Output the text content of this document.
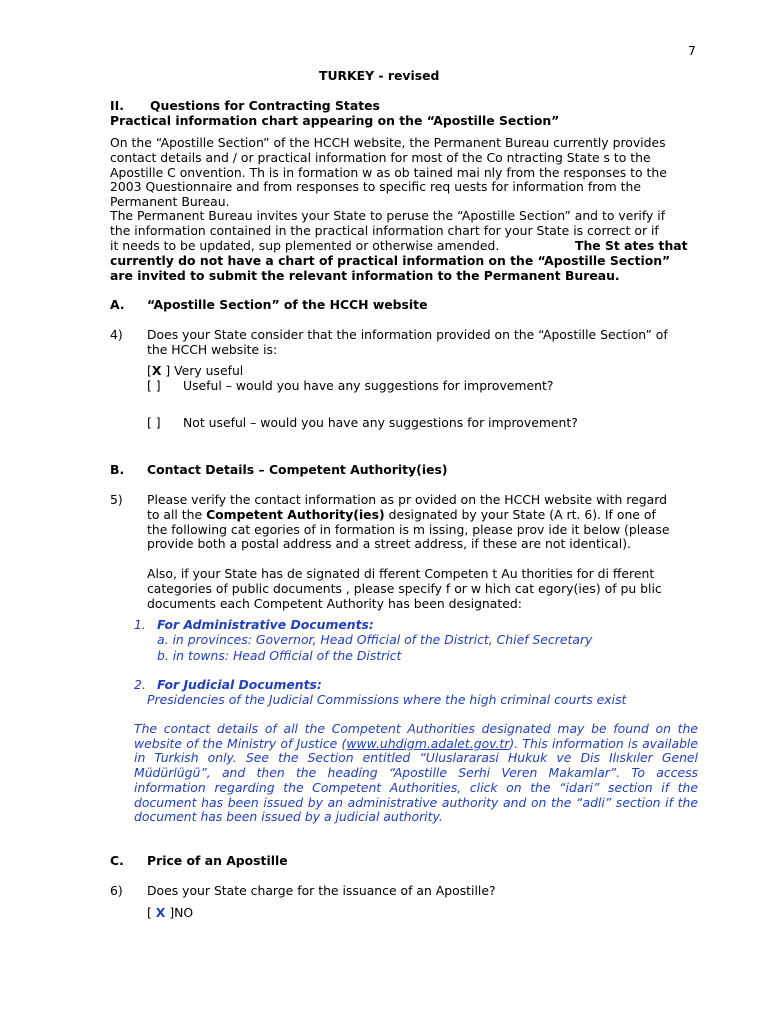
7
TURKEY - revised
II. Questions for Contracting States
Practical information chart appearing on the “Apostille Section”
On the “Apostille Section” of the HCCH website, the Permanent Bureau currently provides
contact details and / or practical information for most of the Co ntracting State s to the
Apostille C onvention. Th is in formation w as ob tained mai nly from the responses to the
2003 Questionnaire and from responses to specific req uests for information from the
Permanent Bureau.
The Permanent Bureau invites your State to peruse the “Apostille Section” and to verify if
the information contained in the practical information chart for your State is correct or if
it needs to be updated, sup plemented or otherwise amended.	The St ates that
currently do not have a chart of practical information on the “Apostille Section”
are invited to submit the relevant information to the Permanent Bureau.
A. “Apostille Section” of the HCCH website
4) Does your State consider that the information provided on the “Apostille Section” of
the HCCH website is:
[X ] Very useful
[ ] Useful – would you have any suggestions for improvement?
[ ] Not useful – would you have any suggestions for improvement?
B. Contact Details – Competent Authority(ies)
5) Please verify the contact information as pr ovided on the HCCH website with regard
to all the Competent Authority(ies) designated by your State (A rt. 6). If one of
the following cat egories of in formation is m issing, please prov ide it below (please
provide both a postal address and a street address, if these are not identical).
Also, if your State has de signated di fferent Competen t Au thorities for di fferent
categories of public documents , please specify f or w hich cat egory(ies) of pu blic
documents each Competent Authority has been designated:
1. For Administrative Documents:
a. in provinces: Governor, Head Official of the District, Chief Secretary
b. in towns: Head Official of the District
2. For Judicial Documents:
Presidencies of the Judicial Commissions where the high criminal courts exist
The contact details of all the Competent Authorities designated may be found on the website of the Ministry of Justice (www.uhdigm.adalet.gov.tr). This information is available in Turkish only. See the Section entitled “Uluslararasi Hukuk ve Dis Ilıskıler Genel Müdürlügü”, and then the heading “Apostille Serhi Veren Makamlar”. To access information regarding the Competent Authorities, click on the “idari” section if the document has been issued by an administrative authority and on the “adli” section if the document has been issued by a judicial authority.
C. Price of an Apostille
6) Does your State charge for the issuance of an Apostille?
[ X ]NO
